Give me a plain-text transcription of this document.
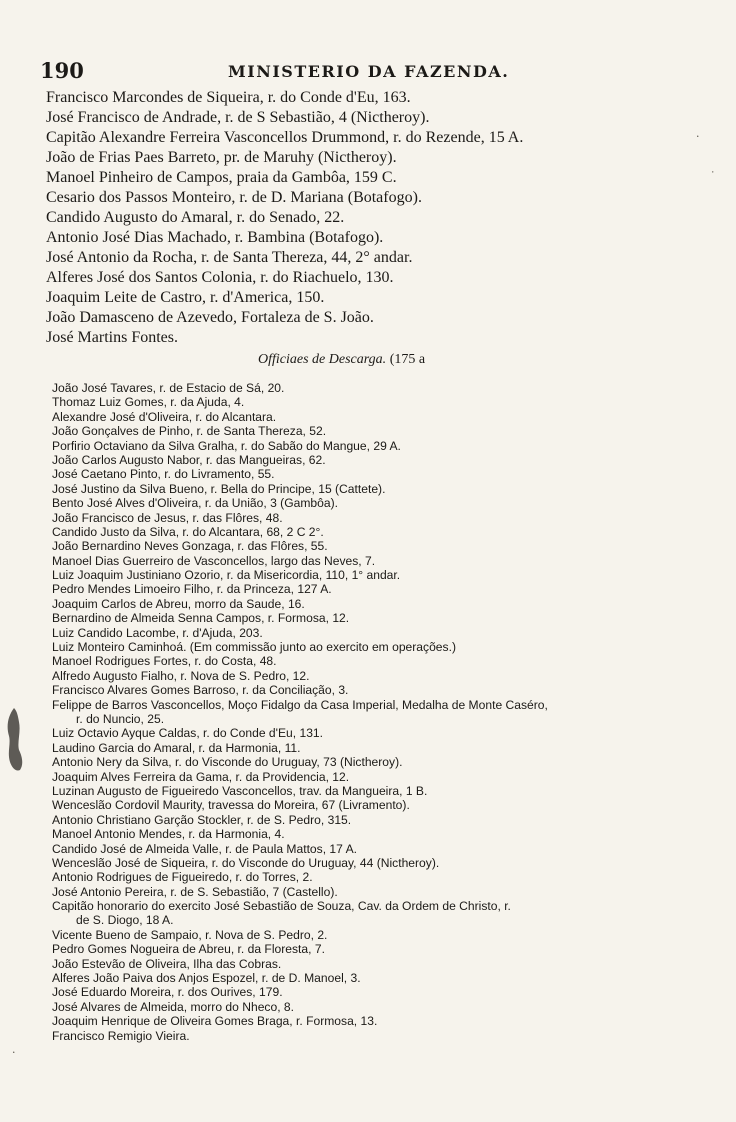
190	MINISTERIO DA FAZENDA.
Francisco Marcondes de Siqueira, r. do Conde d'Eu, 163.
José Francisco de Andrade, r. de S Sebastião, 4 (Nictheroy).
Capitão Alexandre Ferreira Vasconcellos Drummond, r. do Rezende, 15 A.
João de Frias Paes Barreto, pr. de Maruhy (Nictheroy).
Manoel Pinheiro de Campos, praia da Gambôa, 159 C.
Cesario dos Passos Monteiro, r. de D. Mariana (Botafogo).
Candido Augusto do Amaral, r. do Senado, 22.
Antonio José Dias Machado, r. Bambina (Botafogo).
José Antonio da Rocha, r. de Santa Thereza, 44, 2° andar.
Alferes José dos Santos Colonia, r. do Riachuelo, 130.
Joaquim Leite de Castro, r. d'America, 150.
João Damasceno de Azevedo, Fortaleza de S. João.
José Martins Fontes.
Officiaes de Descarga. (175 a
João José Tavares, r. de Estacio de Sá, 20.
Thomaz Luiz Gomes, r. da Ajuda, 4.
Alexandre José d'Oliveira, r. do Alcantara.
João Gonçalves de Pinho, r. de Santa Thereza, 52.
Porfirio Octaviano da Silva Gralha, r. do Sabão do Mangue, 29 A.
João Carlos Augusto Nabor, r. das Mangueiras, 62.
José Caetano Pinto, r. do Livramento, 55.
José Justino da Silva Bueno, r. Bella do Principe, 15 (Cattete).
Bento José Alves d'Oliveira, r. da União, 3 (Gambôa).
João Francisco de Jesus, r. das Flôres, 48.
Candido Justo da Silva, r. do Alcantara, 68, 2 C 2°.
João Bernardino Neves Gonzaga, r. das Flôres, 55.
Manoel Dias Guerreiro de Vasconcellos, largo das Neves, 7.
Luiz Joaquim Justiniano Ozorio, r. da Misericordia, 110, 1° andar.
Pedro Mendes Limoeiro Filho, r. da Princeza, 127 A.
Joaquim Carlos de Abreu, morro da Saude, 16.
Bernardino de Almeida Senna Campos, r. Formosa, 12.
Luiz Candido Lacombe, r. d'Ajuda, 203.
Luiz Monteiro Caminhoá. (Em commissão junto ao exercito em operações.)
Manoel Rodrigues Fortes, r. do Costa, 48.
Alfredo Augusto Fialho, r. Nova de S. Pedro, 12.
Francisco Alvares Gomes Barroso, r. da Conciliação, 3.
Felippe de Barros Vasconcellos, Moço Fidalgo da Casa Imperial, Medalha de Monte Caséro,
r. do Nuncio, 25.
Luiz Octavio Ayque Caldas, r. do Conde d'Eu, 131.
Laudino Garcia do Amaral, r. da Harmonia, 11.
Antonio Nery da Silva, r. do Visconde do Uruguay, 73 (Nictheroy).
Joaquim Alves Ferreira da Gama, r. da Providencia, 12.
Luzinan Augusto de Figueiredo Vasconcellos, trav. da Mangueira, 1 B.
Wenceslão Cordovil Maurity, travessa do Moreira, 67 (Livramento).
Antonio Christiano Garção Stockler, r. de S. Pedro, 315.
Manoel Antonio Mendes, r. da Harmonia, 4.
Candido José de Almeida Valle, r. de Paula Mattos, 17 A.
Wenceslão José de Siqueira, r. do Visconde do Uruguay, 44 (Nictheroy).
Antonio Rodrigues de Figueiredo, r. do Torres, 2.
José Antonio Pereira, r. de S. Sebastião, 7 (Castello).
Capitão honorario do exercito José Sebastião de Souza, Cav. da Ordem de Christo, r.
de S. Diogo, 18 A.
Vicente Bueno de Sampaio, r. Nova de S. Pedro, 2.
Pedro Gomes Nogueira de Abreu, r. da Floresta, 7.
João Estevão de Oliveira, Ilha das Cobras.
Alferes João Paiva dos Anjos Espozel, r. de D. Manoel, 3.
José Eduardo Moreira, r. dos Ourives, 179.
José Alvares de Almeida, morro do Nheco, 8.
Joaquim Henrique de Oliveira Gomes Braga, r. Formosa, 13.
Francisco Remigio Vieira.
·
˙
·
